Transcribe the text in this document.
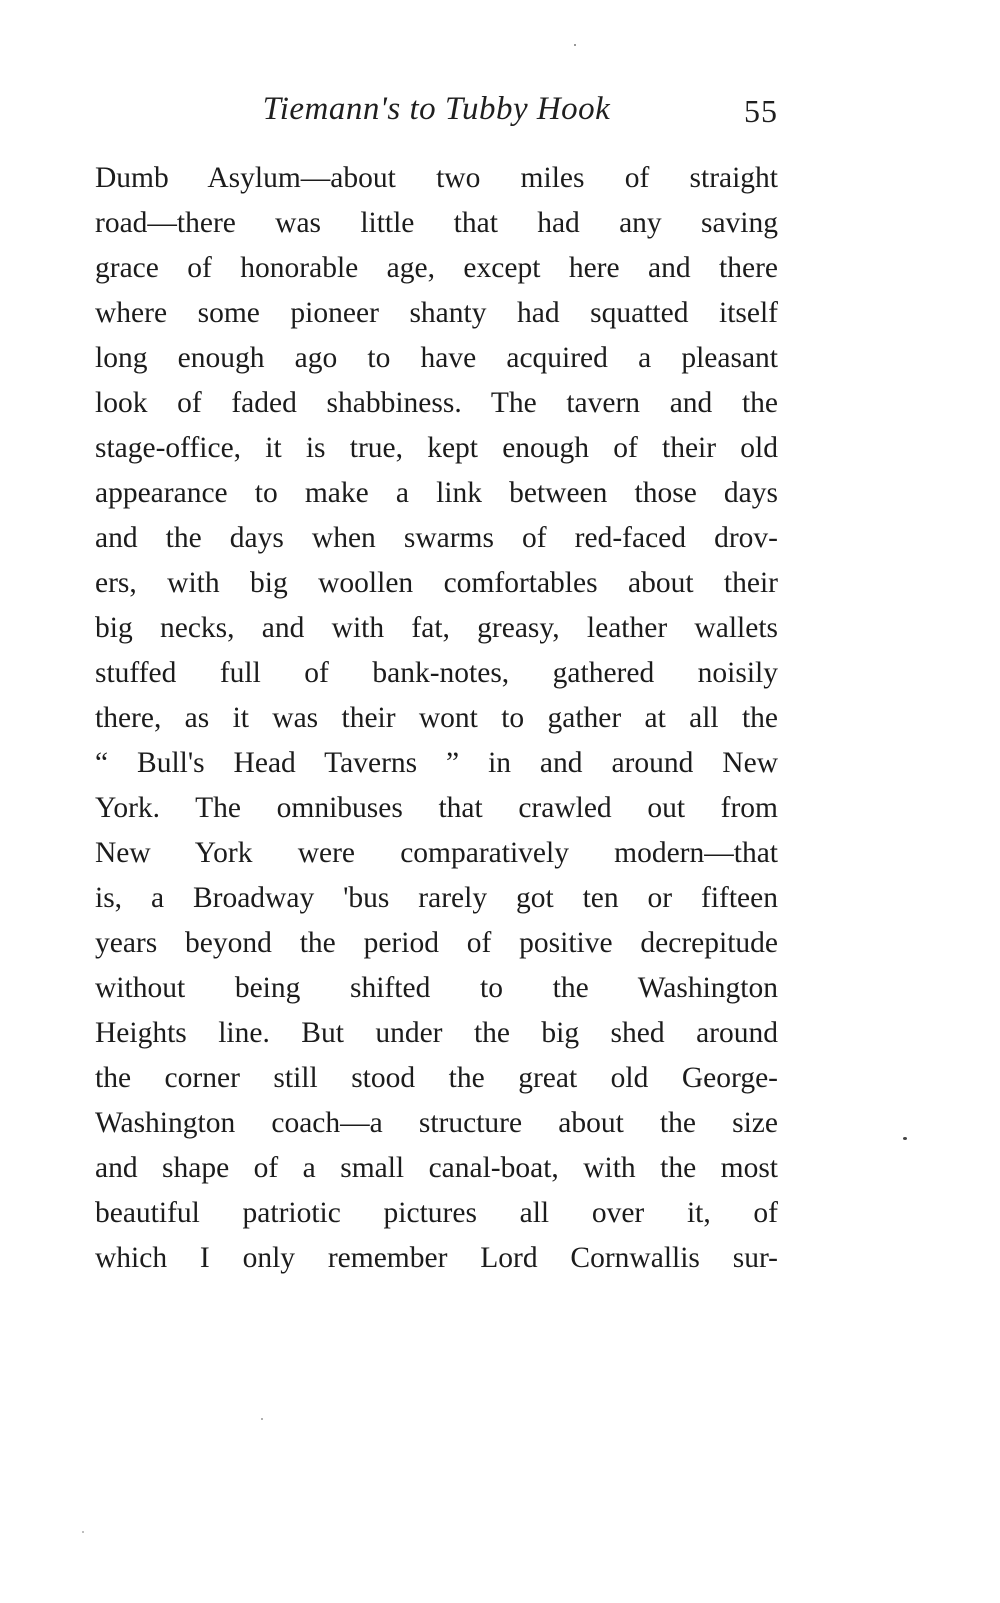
Tiemann's to Tubby Hook	55
Dumb Asylum—about two miles of straight
road—there was little that had any saving
grace of honorable age, except here and there
where some pioneer shanty had squatted itself
long enough ago to have acquired a pleasant
look of faded shabbiness. The tavern and the
stage-office, it is true, kept enough of their old
appearance to make a link between those days
and the days when swarms of red-faced drov-
ers, with big woollen comfortables about their
big necks, and with fat, greasy, leather wallets
stuffed full of bank-notes, gathered noisily
there, as it was their wont to gather at all the
“ Bull's Head Taverns ” in and around New
York. The omnibuses that crawled out from
New York were comparatively modern—that
is, a Broadway 'bus rarely got ten or fifteen
years beyond the period of positive decrepitude
without being shifted to the Washington
Heights line. But under the big shed around
the corner still stood the great old George-
Washington coach—a structure about the size
and shape of a small canal-boat, with the most
beautiful patriotic pictures all over it, of
which I only remember Lord Cornwallis sur-
